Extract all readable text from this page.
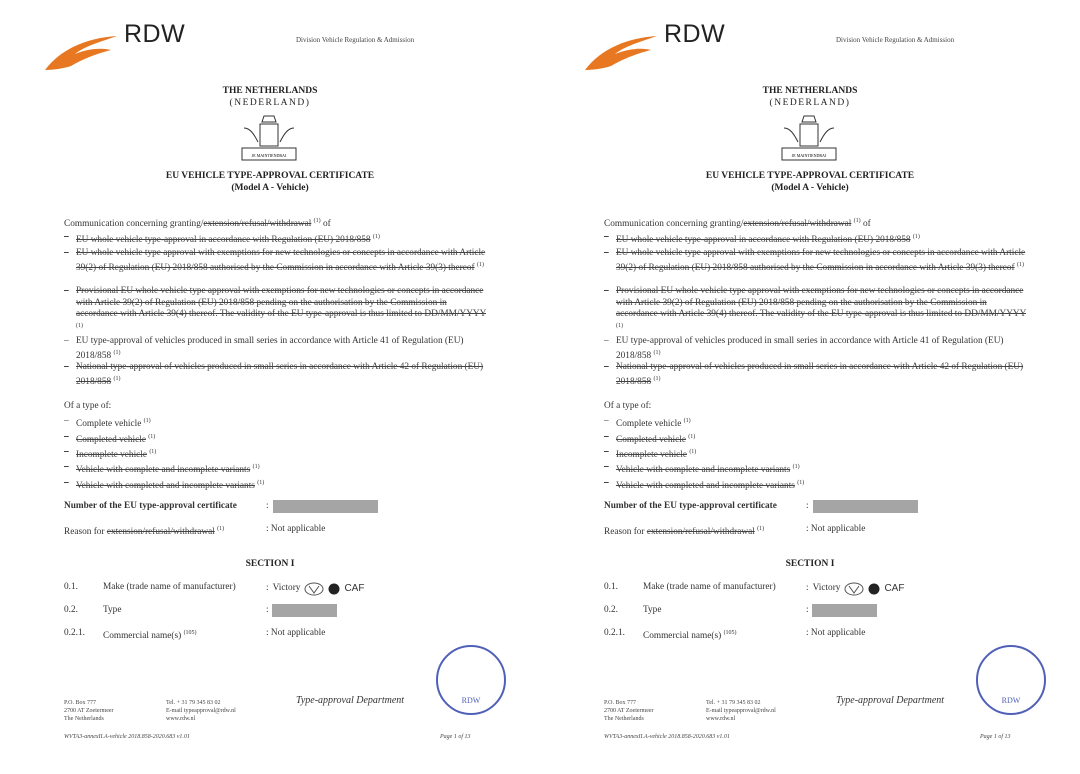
RDW	Division Vehicle Regulation & Admission
THE NETHERLANDS
(NEDERLAND)
JE MAINTIENDRAI
EU VEHICLE TYPE-APPROVAL CERTIFICATE
(Model A - Vehicle)
Communication concerning granting/extension/refusal/withdrawal $^{(1)}$ of
– EU whole vehicle type-approval in accordance with Regulation (EU) 2018/858 $^{(1)}$
– EU whole vehicle type approval with exemptions for new technologies or concepts in accordance with Article 39(2) of Regulation (EU) 2018/858 authorised by the Commission in accordance with Article 39(3) thereof $^{(1)}$
– Provisional EU whole vehicle type approval with exemptions for new technologies or concepts in accordance with Article 39(2) of Regulation (EU) 2018/858 pending on the authorisation by the Commission in accordance with Article 39(4) thereof. The validity of the EU type-approval is thus limited to DD/MM/YYYY $^{(1)}$
– EU type-approval of vehicles produced in small series in accordance with Article 41 of Regulation (EU) 2018/858 $^{(1)}$
– National type-approval of vehicles produced in small series in accordance with Article 42 of Regulation (EU) 2018/858 $^{(1)}$
Of a type of:
– Complete vehicle $^{(1)}$
– Completed vehicle $^{(1)}$
– Incomplete vehicle $^{(1)}$
– Vehicle with complete and incomplete variants $^{(1)}$
– Vehicle with completed and incomplete variants $^{(1)}$
Number of the EU type-approval certificate	:
Reason for extension/refusal/withdrawal $^{(1)}$	: Not applicable
SECTION I
0.1.	Make (trade name of manufacturer)	: Victory	CAF
0.2.	Type	:
0.2.1. Commercial name(s) $^{(105)}$	: Not applicable
P.O. Box 777
2700 AT Zoetermeer
The Netherlands
Tel. + 31 79 345 83 02
E-mail typeapproval@rdw.nl
www.rdw.nl
Type-approval Department	RDW
WVTA3-annexII.A-vehicle 2018.858-2020.683 v1.01	Page 1 of 13
RDW	Division Vehicle Regulation & Admission
THE NETHERLANDS
(NEDERLAND)
JE MAINTIENDRAI
EU VEHICLE TYPE-APPROVAL CERTIFICATE
(Model A - Vehicle)
Communication concerning granting/extension/refusal/withdrawal $^{(1)}$ of
– EU whole vehicle type-approval in accordance with Regulation (EU) 2018/858 $^{(1)}$
– EU whole vehicle type approval with exemptions for new technologies or concepts in accordance with Article 39(2) of Regulation (EU) 2018/858 authorised by the Commission in accordance with Article 39(3) thereof $^{(1)}$
– Provisional EU whole vehicle type approval with exemptions for new technologies or concepts in accordance with Article 39(2) of Regulation (EU) 2018/858 pending on the authorisation by the Commission in accordance with Article 39(4) thereof. The validity of the EU type-approval is thus limited to DD/MM/YYYY $^{(1)}$
– EU type-approval of vehicles produced in small series in accordance with Article 41 of Regulation (EU) 2018/858 $^{(1)}$
– National type-approval of vehicles produced in small series in accordance with Article 42 of Regulation (EU) 2018/858 $^{(1)}$
Of a type of:
– Complete vehicle $^{(1)}$
– Completed vehicle $^{(1)}$
– Incomplete vehicle $^{(1)}$
– Vehicle with complete and incomplete variants $^{(1)}$
– Vehicle with completed and incomplete variants $^{(1)}$
Number of the EU type-approval certificate	:
Reason for extension/refusal/withdrawal $^{(1)}$	: Not applicable
SECTION I
0.1.	Make (trade name of manufacturer)	: Victory	CAF
0.2.	Type	:
0.2.1. Commercial name(s) $^{(105)}$	: Not applicable
P.O. Box 777
2700 AT Zoetermeer
The Netherlands
Tel. + 31 79 345 83 02
E-mail typeapproval@rdw.nl
www.rdw.nl
Type-approval Department	RDW
WVTA3-annexII.A-vehicle 2018.858-2020.683 v1.01	Page 1 of 13
